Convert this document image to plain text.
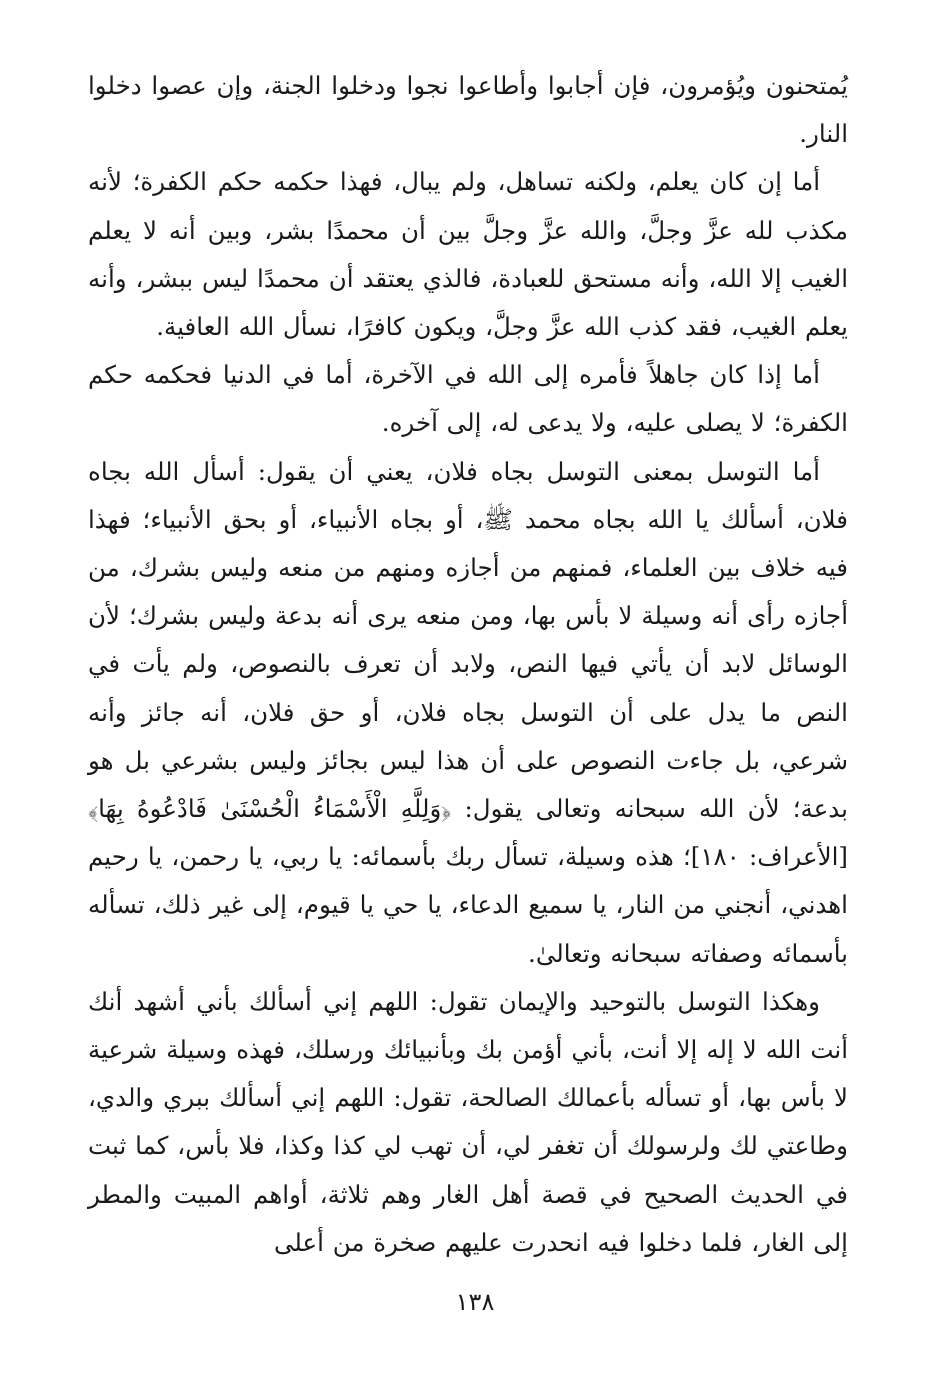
يُمتحنون ويُؤمرون، فإن أجابوا وأطاعوا نجوا ودخلوا الجنة، وإن عصوا دخلوا النار.

أما إن كان يعلم، ولكنه تساهل، ولم يبال، فهذا حكمه حكم الكفرة؛ لأنه مكذب لله عزَّ وجلَّ، والله عزَّ وجلَّ بين أن محمدًا بشر، وبين أنه لا يعلم الغيب إلا الله، وأنه مستحق للعبادة، فالذي يعتقد أن محمدًا ليس ببشر، وأنه يعلم الغيب، فقد كذب الله عزَّ وجلَّ، ويكون كافرًا، نسأل الله العافية.

أما إذا كان جاهلاً فأمره إلى الله في الآخرة، أما في الدنيا فحكمه حكم الكفرة؛ لا يصلى عليه، ولا يدعى له، إلى آخره.

أما التوسل بمعنى التوسل بجاه فلان، يعني أن يقول: أسأل الله بجاه فلان، أسألك يا الله بجاه محمد ﷺ، أو بجاه الأنبياء، أو بحق الأنبياء؛ فهذا فيه خلاف بين العلماء، فمنهم من أجازه ومنهم من منعه وليس بشرك، من أجازه رأى أنه وسيلة لا بأس بها، ومن منعه يرى أنه بدعة وليس بشرك؛ لأن الوسائل لابد أن يأتي فيها النص، ولابد أن تعرف بالنصوص، ولم يأت في النص ما يدل على أن التوسل بجاه فلان، أو حق فلان، أنه جائز وأنه شرعي، بل جاءت النصوص على أن هذا ليس بجائز وليس بشرعي بل هو بدعة؛ لأن الله سبحانه وتعالى يقول: ﴿وَلِلَّهِ الْأَسْمَاءُ الْحُسْنَىٰ فَادْعُوهُ بِهَا﴾ [الأعراف: ١٨٠]؛ هذه وسيلة، تسأل ربك بأسمائه: يا ربي، يا رحمن، يا رحيم اهدني، أنجني من النار، يا سميع الدعاء، يا حي يا قيوم، إلى غير ذلك، تسأله بأسمائه وصفاته سبحانه وتعالىٰ.

وهكذا التوسل بالتوحيد والإيمان تقول: اللهم إني أسألك بأني أشهد أنك أنت الله لا إله إلا أنت، بأني أؤمن بك وبأنبيائك ورسلك، فهذه وسيلة شرعية لا بأس بها، أو تسأله بأعمالك الصالحة، تقول: اللهم إني أسألك ببري والدي، وطاعتي لك ولرسولك أن تغفر لي، أن تهب لي كذا وكذا، فلا بأس، كما ثبت في الحديث الصحيح في قصة أهل الغار وهم ثلاثة، أواهم المبيت والمطر إلى الغار، فلما دخلوا فيه انحدرت عليهم صخرة من أعلى

١٣٨
